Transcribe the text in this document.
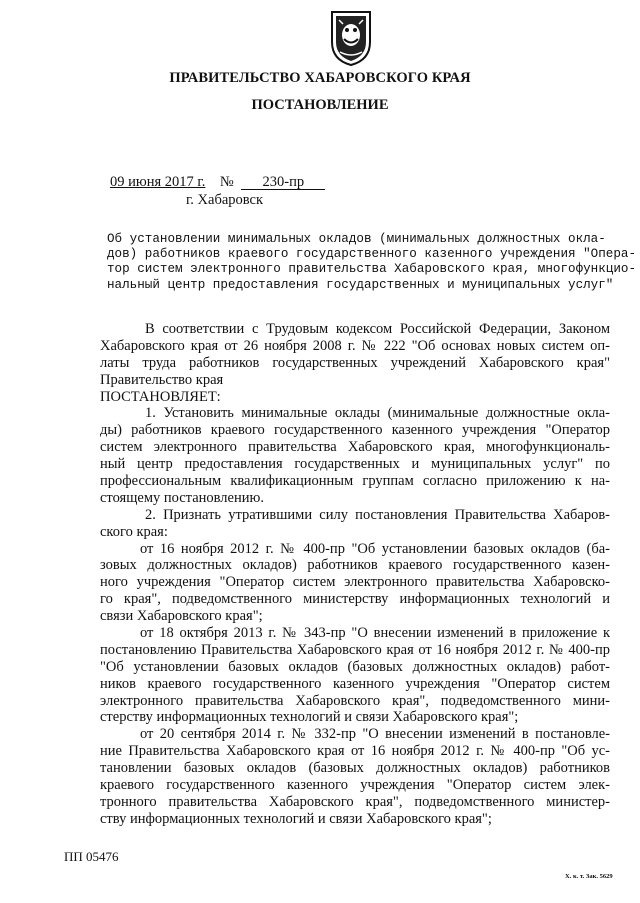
ПРАВИТЕЛЬСТВО ХАБАРОВСКОГО КРАЯ
ПОСТАНОВЛЕНИЕ
09 июня 2017 г. № 230-пр
г. Хабаровск
Об установлении минимальных окладов (минимальных должностных окла-
дов) работников краевого государственного казенного учреждения "Опера-
тор систем электронного правительства Хабаровского края, многофункцио-
нальный центр предоставления государственных и муниципальных услуг"
В соответствии с Трудовым кодексом Российской Федерации, Законом
Хабаровского края от 26 ноября 2008 г. № 222 "Об основах новых систем оп-
латы труда работников государственных учреждений Хабаровского края"
Правительство края
ПОСТАНОВЛЯЕТ:
1. Установить минимальные оклады (минимальные должностные окла-
ды) работников краевого государственного казенного учреждения "Оператор
систем электронного правительства Хабаровского края, многофункциональ-
ный центр предоставления государственных и муниципальных услуг" по
профессиональным квалификационным группам согласно приложению к на-
стоящему постановлению.
2. Признать утратившими силу постановления Правительства Хабаров-
ского края:
от 16 ноября 2012 г. № 400-пр "Об установлении базовых окладов (ба-
зовых должностных окладов) работников краевого государственного казен-
ного учреждения "Оператор систем электронного правительства Хабаровско-
го края", подведомственного министерству информационных технологий и
связи Хабаровского края";
от 18 октября 2013 г. № 343-пр "О внесении изменений в приложение к
постановлению Правительства Хабаровского края от 16 ноября 2012 г. № 400-пр
"Об установлении базовых окладов (базовых должностных окладов) работ-
ников краевого государственного казенного учреждения "Оператор систем
электронного правительства Хабаровского края", подведомственного мини-
стерству информационных технологий и связи Хабаровского края";
от 20 сентября 2014 г. № 332-пр "О внесении изменений в постановле-
ние Правительства Хабаровского края от 16 ноября 2012 г. № 400-пр "Об ус-
тановлении базовых окладов (базовых должностных окладов) работников
краевого государственного казенного учреждения "Оператор систем элек-
тронного правительства Хабаровского края", подведомственного министер-
ству информационных технологий и связи Хабаровского края";
ПП 05476
Х. к. т. Зак. 5629
